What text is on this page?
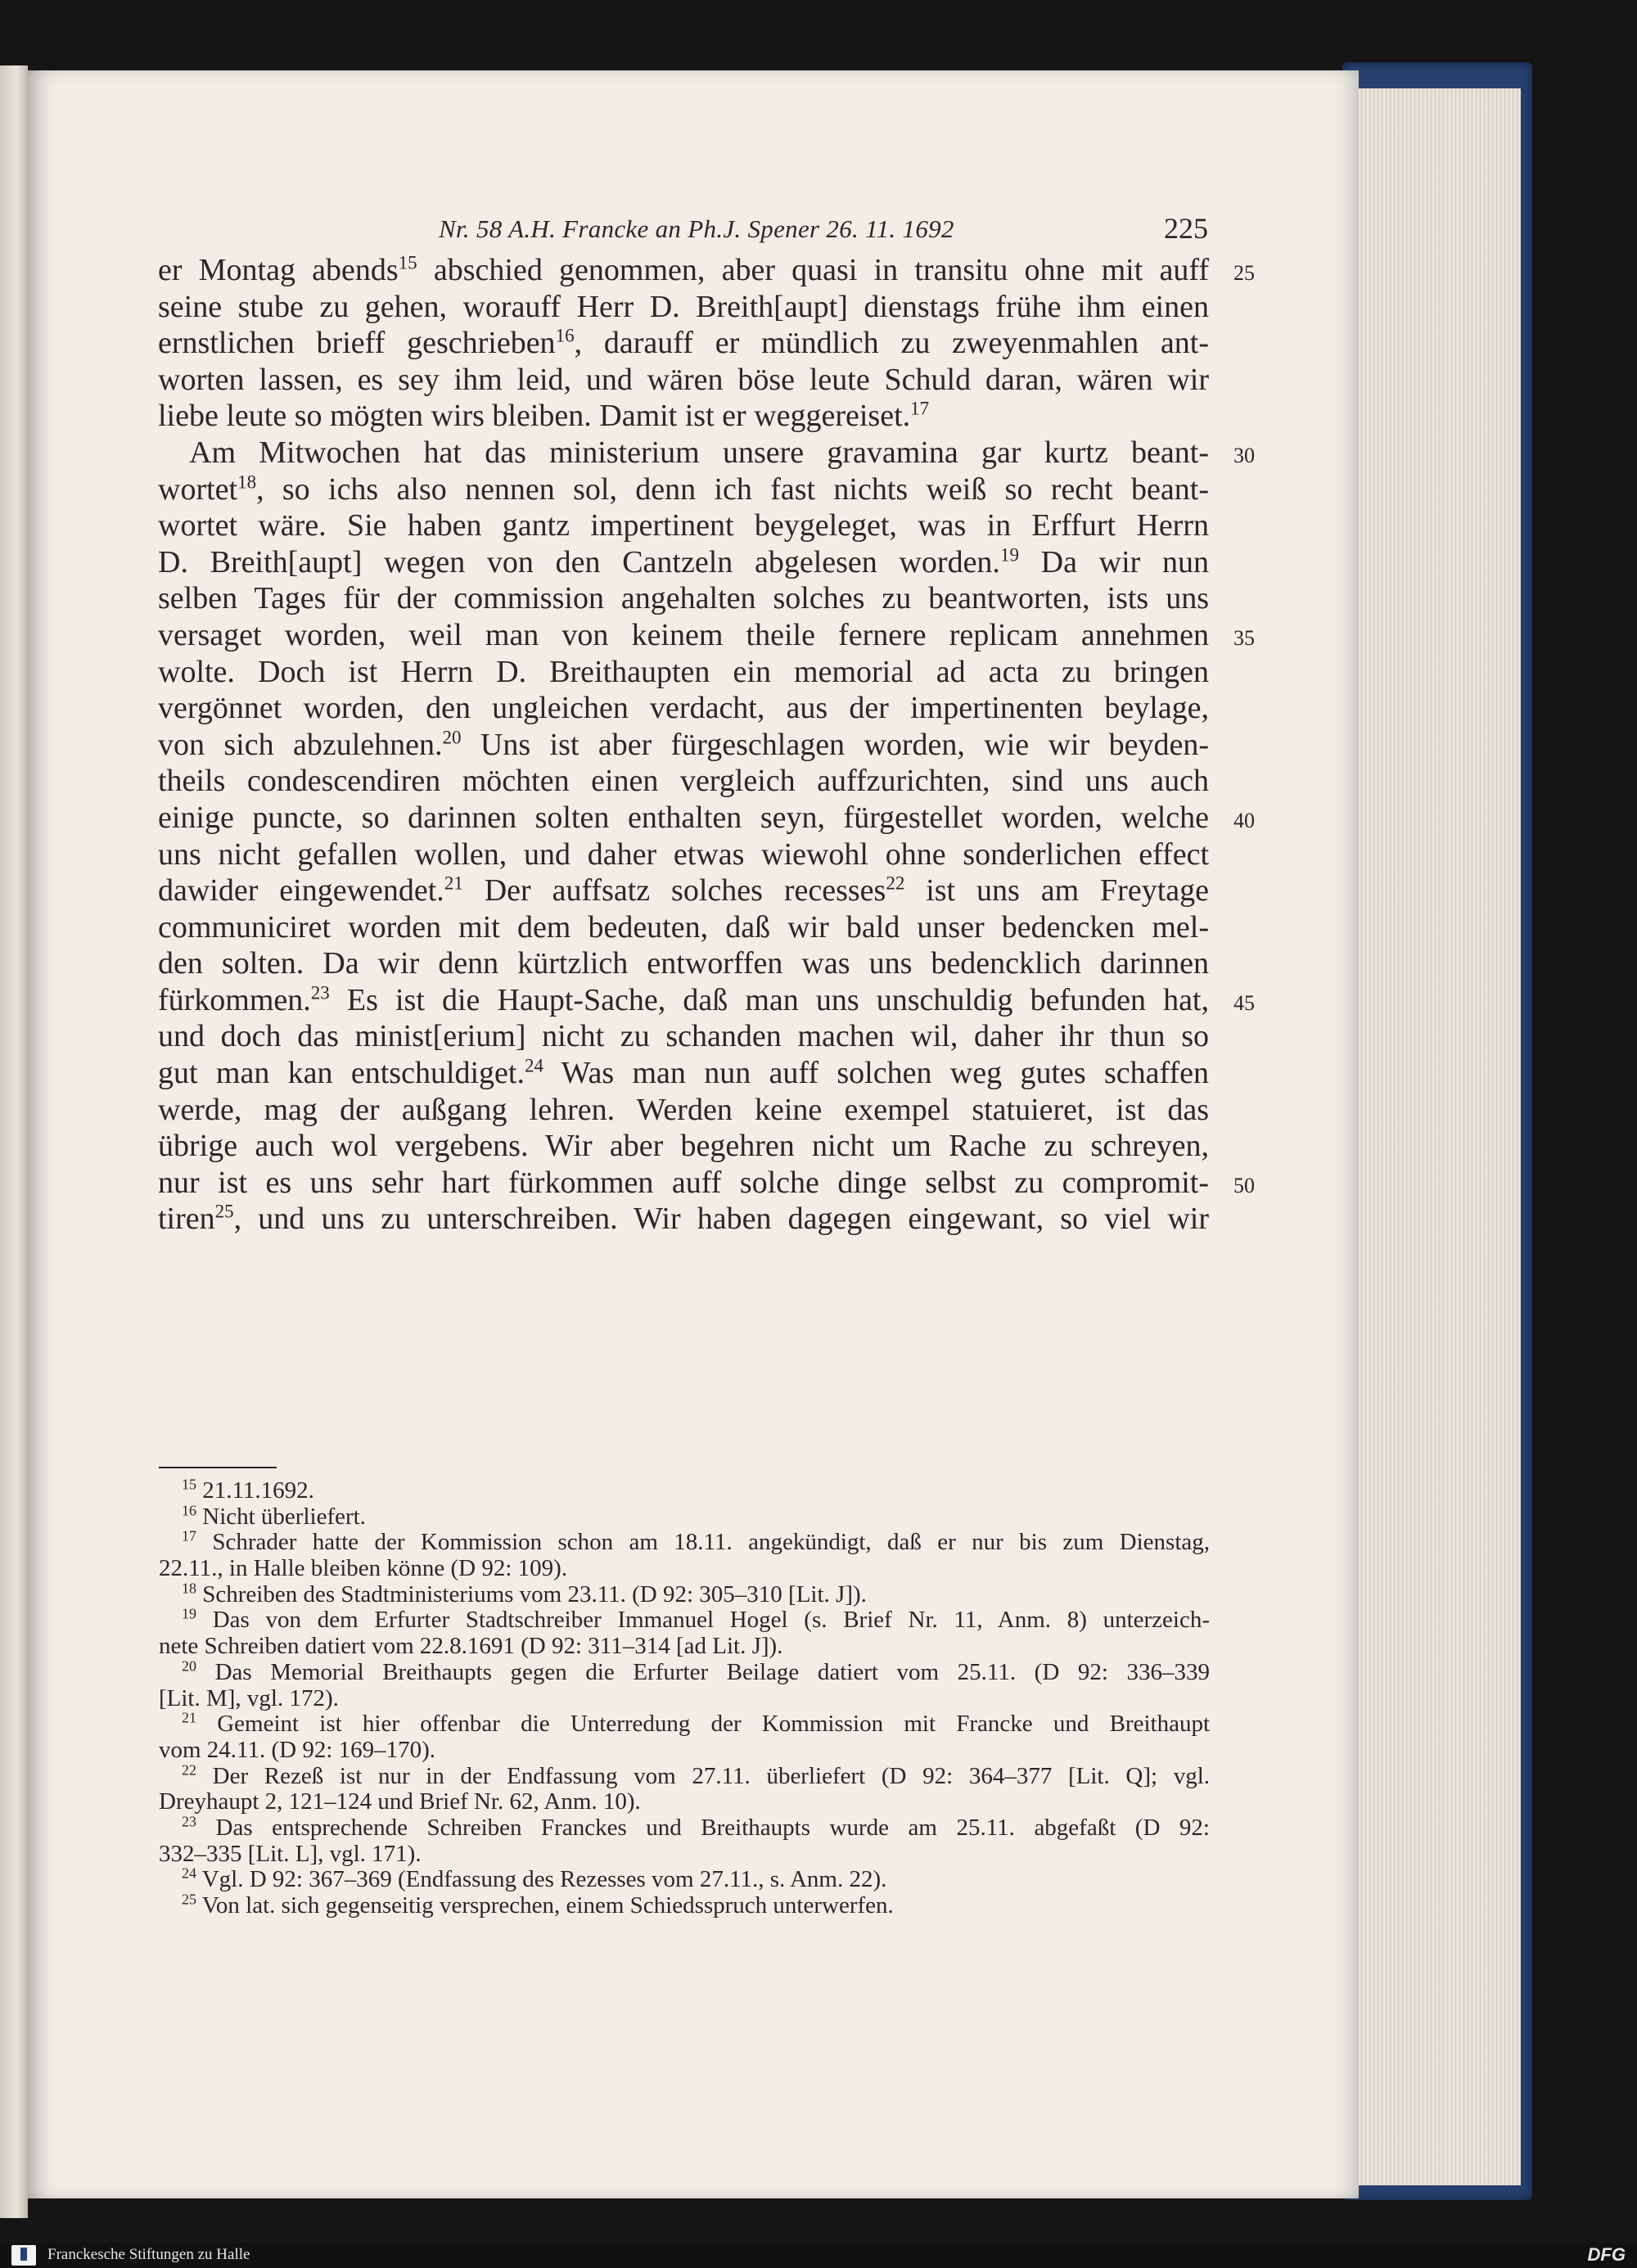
Nr. 58 A.H. Francke an Ph.J. Spener 26. 11. 1692	225
er Montag abends$^{15}$ abschied genommen, aber quasi in transitu ohne mit auff
seine stube zu gehen, worauff Herr D. Breith[aupt] dienstags frühe ihm einen
ernstlichen brieff geschrieben$^{16}$, darauff er mündlich zu zweyenmahlen ant-
worten lassen, es sey ihm leid, und wären böse leute Schuld daran, wären wir
liebe leute so mögten wirs bleiben. Damit ist er weggereiset.$^{17}$
Am Mitwochen hat das ministerium unsere gravamina gar kurtz beant-
wortet$^{18}$, so ichs also nennen sol, denn ich fast nichts weiß so recht beant-
wortet wäre. Sie haben gantz impertinent beygeleget, was in Erffurt Herrn
D. Breith[aupt] wegen von den Cantzeln abgelesen worden.$^{19}$ Da wir nun
selben Tages für der commission angehalten solches zu beantworten, ists uns
versaget worden, weil man von keinem theile fernere replicam annehmen
wolte. Doch ist Herrn D. Breithaupten ein memorial ad acta zu bringen
vergönnet worden, den ungleichen verdacht, aus der impertinenten beylage,
von sich abzulehnen.$^{20}$ Uns ist aber fürgeschlagen worden, wie wir beyden-
theils condescendiren möchten einen vergleich auffzurichten, sind uns auch
einige puncte, so darinnen solten enthalten seyn, fürgestellet worden, welche
uns nicht gefallen wollen, und daher etwas wiewohl ohne sonderlichen effect
dawider eingewendet.$^{21}$ Der auffsatz solches recesses$^{22}$ ist uns am Freytage
communiciret worden mit dem bedeuten, daß wir bald unser bedencken mel-
den solten. Da wir denn kürtzlich entworffen was uns bedencklich darinnen
fürkommen.$^{23}$ Es ist die Haupt-Sache, daß man uns unschuldig befunden hat,
und doch das minist[erium] nicht zu schanden machen wil, daher ihr thun so
gut man kan entschuldiget.$^{24}$ Was man nun auff solchen weg gutes schaffen
werde, mag der außgang lehren. Werden keine exempel statuieret, ist das
übrige auch wol vergebens. Wir aber begehren nicht um Rache zu schreyen,
nur ist es uns sehr hart fürkommen auff solche dinge selbst zu compromit-
tiren$^{25}$, und uns zu unterschreiben. Wir haben dagegen eingewant, so viel wir
25
30
35
40
45
50
$^{15}$ 21.11.1692.
$^{16}$ Nicht überliefert.
$^{17}$ Schrader hatte der Kommission schon am 18.11. angekündigt, daß er nur bis zum Dienstag,
22.11., in Halle bleiben könne (D 92: 109).
$^{18}$ Schreiben des Stadtministeriums vom 23.11. (D 92: 305–310 [Lit. J]).
$^{19}$ Das von dem Erfurter Stadtschreiber Immanuel Hogel (s. Brief Nr. 11, Anm. 8) unterzeich-
nete Schreiben datiert vom 22.8.1691 (D 92: 311–314 [ad Lit. J]).
$^{20}$ Das Memorial Breithaupts gegen die Erfurter Beilage datiert vom 25.11. (D 92: 336–339
[Lit. M], vgl. 172).
$^{21}$ Gemeint ist hier offenbar die Unterredung der Kommission mit Francke und Breithaupt
vom 24.11. (D 92: 169–170).
$^{22}$ Der Rezeß ist nur in der Endfassung vom 27.11. überliefert (D 92: 364–377 [Lit. Q]; vgl.
Dreyhaupt 2, 121–124 und Brief Nr. 62, Anm. 10).
$^{23}$ Das entsprechende Schreiben Franckes und Breithaupts wurde am 25.11. abgefaßt (D 92:
332–335 [Lit. L], vgl. 171).
$^{24}$ Vgl. D 92: 367–369 (Endfassung des Rezesses vom 27.11., s. Anm. 22).
$^{25}$ Von lat. sich gegenseitig versprechen, einem Schiedsspruch unterwerfen.
Franckesche Stiftungen zu Halle	DFG
